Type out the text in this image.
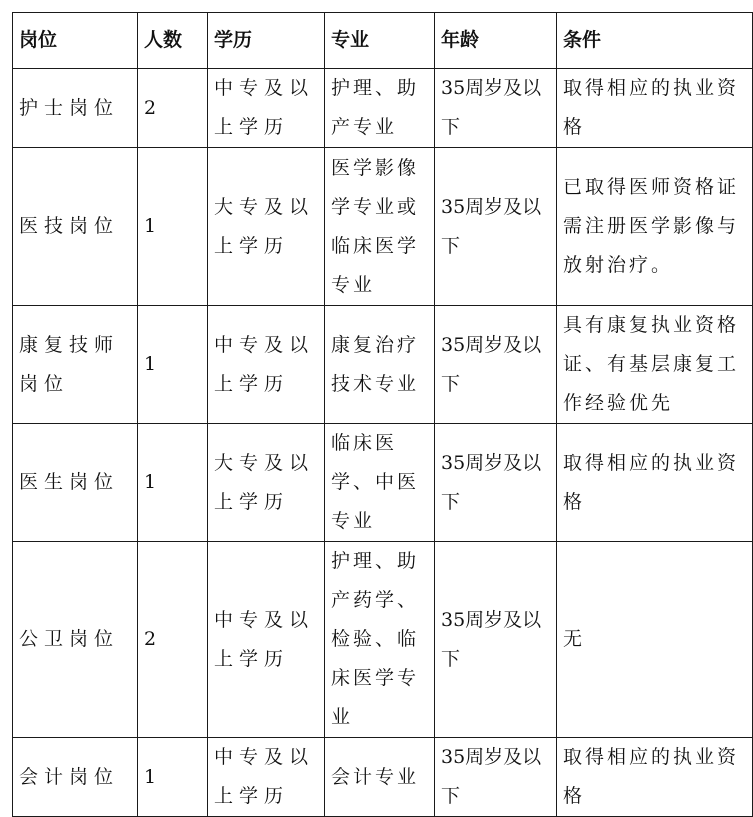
岗位	人数	学历	专业	年龄	条件
护士岗位	2	中专及以上学历	护理、助产专业	35周岁及以下	取得相应的执业资格
医技岗位	1	大专及以上学历	医学影像学专业或临床医学专业	35周岁及以下	已取得医师资格证需注册医学影像与放射治疗。
康复技师岗位	1	中专及以上学历	康复治疗技术专业	35周岁及以下	具有康复执业资格证、有基层康复工作经验优先
医生岗位	1	大专及以上学历	临床医学、中医专业	35周岁及以下	取得相应的执业资格
公卫岗位	2	中专及以上学历	护理、助产药学、检验、临床医学专业	35周岁及以下	无
会计岗位	1	中专及以上学历	会计专业	35周岁及以下	取得相应的执业资格
